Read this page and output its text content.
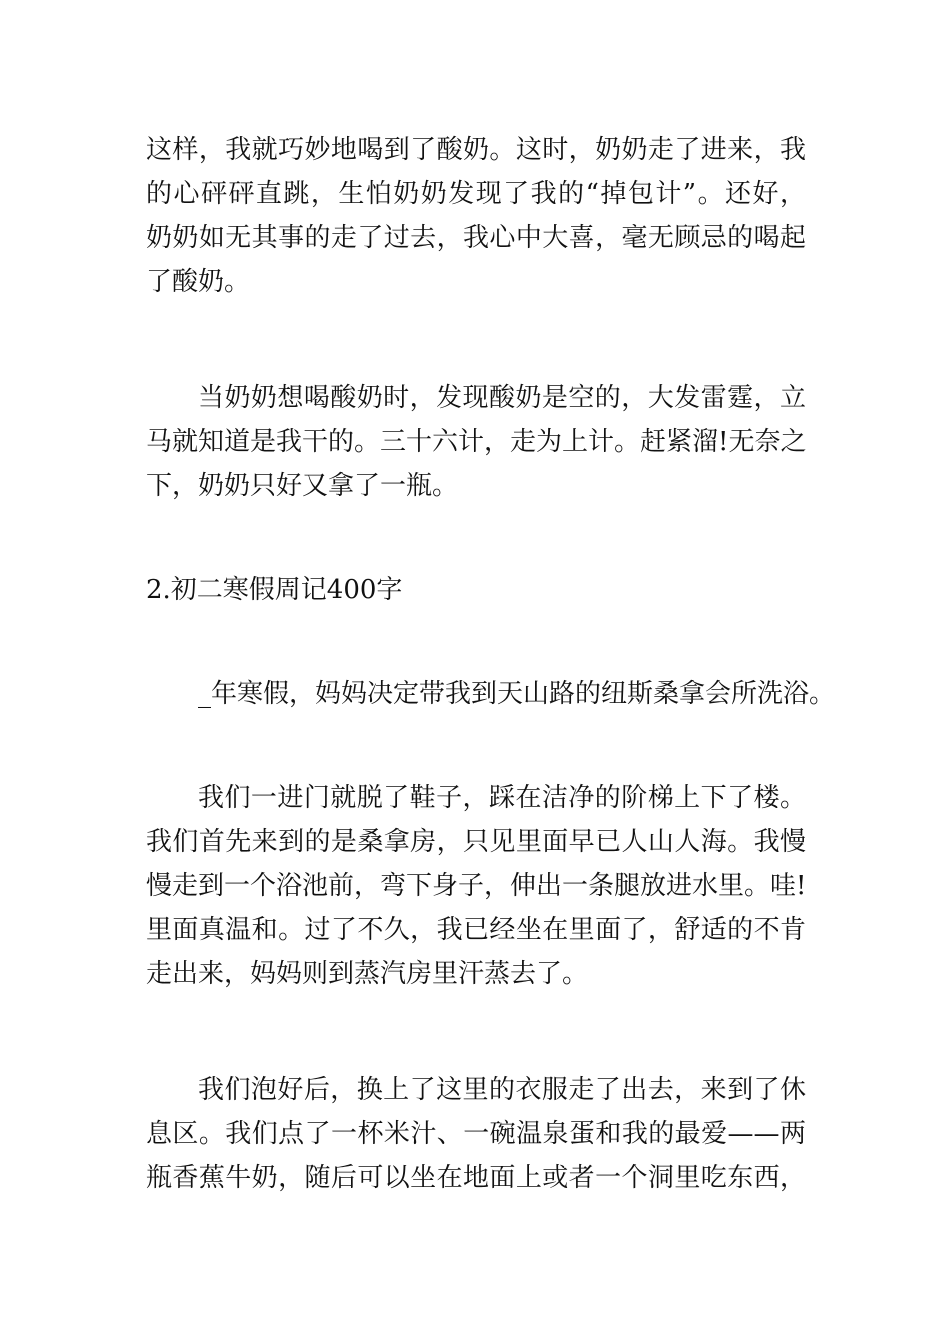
这样，我就巧妙地喝到了酸奶。这时，奶奶走了进来，我
的心砰砰直跳，生怕奶奶发现了我的“掉包计”。还好，
奶奶如无其事的走了过去，我心中大喜，毫无顾忌的喝起
了酸奶。
当奶奶想喝酸奶时，发现酸奶是空的，大发雷霆，立
马就知道是我干的。三十六计，走为上计。赶紧溜!无奈之
下，奶奶只好又拿了一瓶。
2.初二寒假周记400字
_年寒假，妈妈决定带我到天山路的纽斯桑拿会所洗浴。
我们一进门就脱了鞋子，踩在洁净的阶梯上下了楼。
我们首先来到的是桑拿房，只见里面早已人山人海。我慢
慢走到一个浴池前，弯下身子，伸出一条腿放进水里。哇!
里面真温和。过了不久，我已经坐在里面了，舒适的不肯
走出来，妈妈则到蒸汽房里汗蒸去了。
我们泡好后，换上了这里的衣服走了出去，来到了休
息区。我们点了一杯米汁、一碗温泉蛋和我的最爱——两
瓶香蕉牛奶，随后可以坐在地面上或者一个洞里吃东西，
